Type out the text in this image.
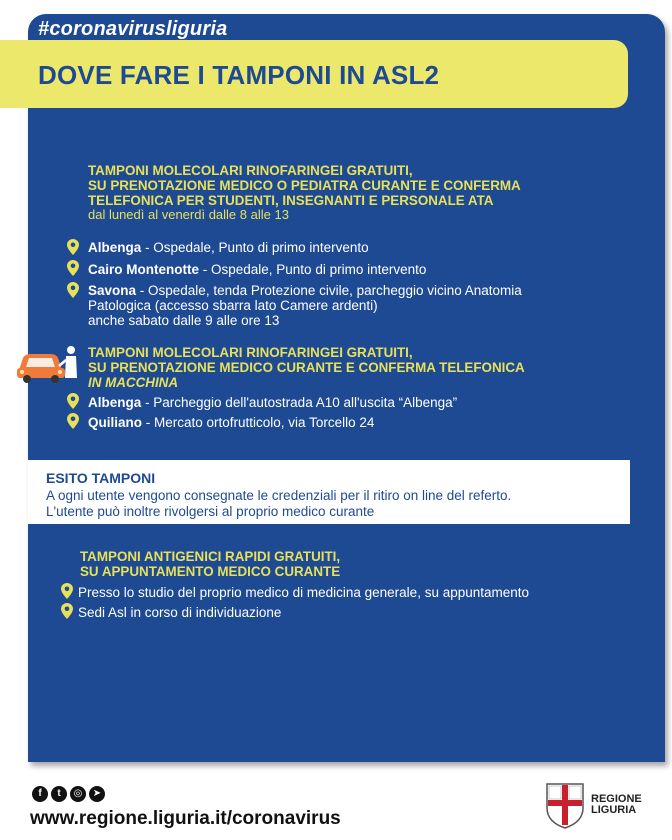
#coronavirusliguria
DOVE FARE I TAMPONI IN ASL2
TAMPONI MOLECOLARI RINOFARINGEI GRATUITI,
SU PRENOTAZIONE MEDICO O PEDIATRA CURANTE E CONFERMA
TELEFONICA PER STUDENTI, INSEGNANTI E PERSONALE ATA
dal lunedì al venerdì dalle 8 alle 13
Albenga - Ospedale, Punto di primo intervento
Cairo Montenotte - Ospedale, Punto di primo intervento
Savona - Ospedale, tenda Protezione civile, parcheggio vicino Anatomia
Patologica (accesso sbarra lato Camere ardenti)
anche sabato dalle 9 alle ore 13
TAMPONI MOLECOLARI RINOFARINGEI GRATUITI,
SU PRENOTAZIONE MEDICO CURANTE E CONFERMA TELEFONICA
IN MACCHINA
Albenga - Parcheggio dell'autostrada A10 all'uscita “Albenga”
Quiliano - Mercato ortofrutticolo, via Torcello 24
ESITO TAMPONI
A ogni utente vengono consegnate le credenziali per il ritiro on line del referto.
L'utente può inoltre rivolgersi al proprio medico curante
TAMPONI ANTIGENICI RAPIDI GRATUITI,
SU APPUNTAMENTO MEDICO CURANTE
Presso lo studio del proprio medico di medicina generale, su appuntamento
Sedi Asl in corso di individuazione
f	t	◎	➤
www.regione.liguria.it/coronavirus
REGIONE
LIGURIA
